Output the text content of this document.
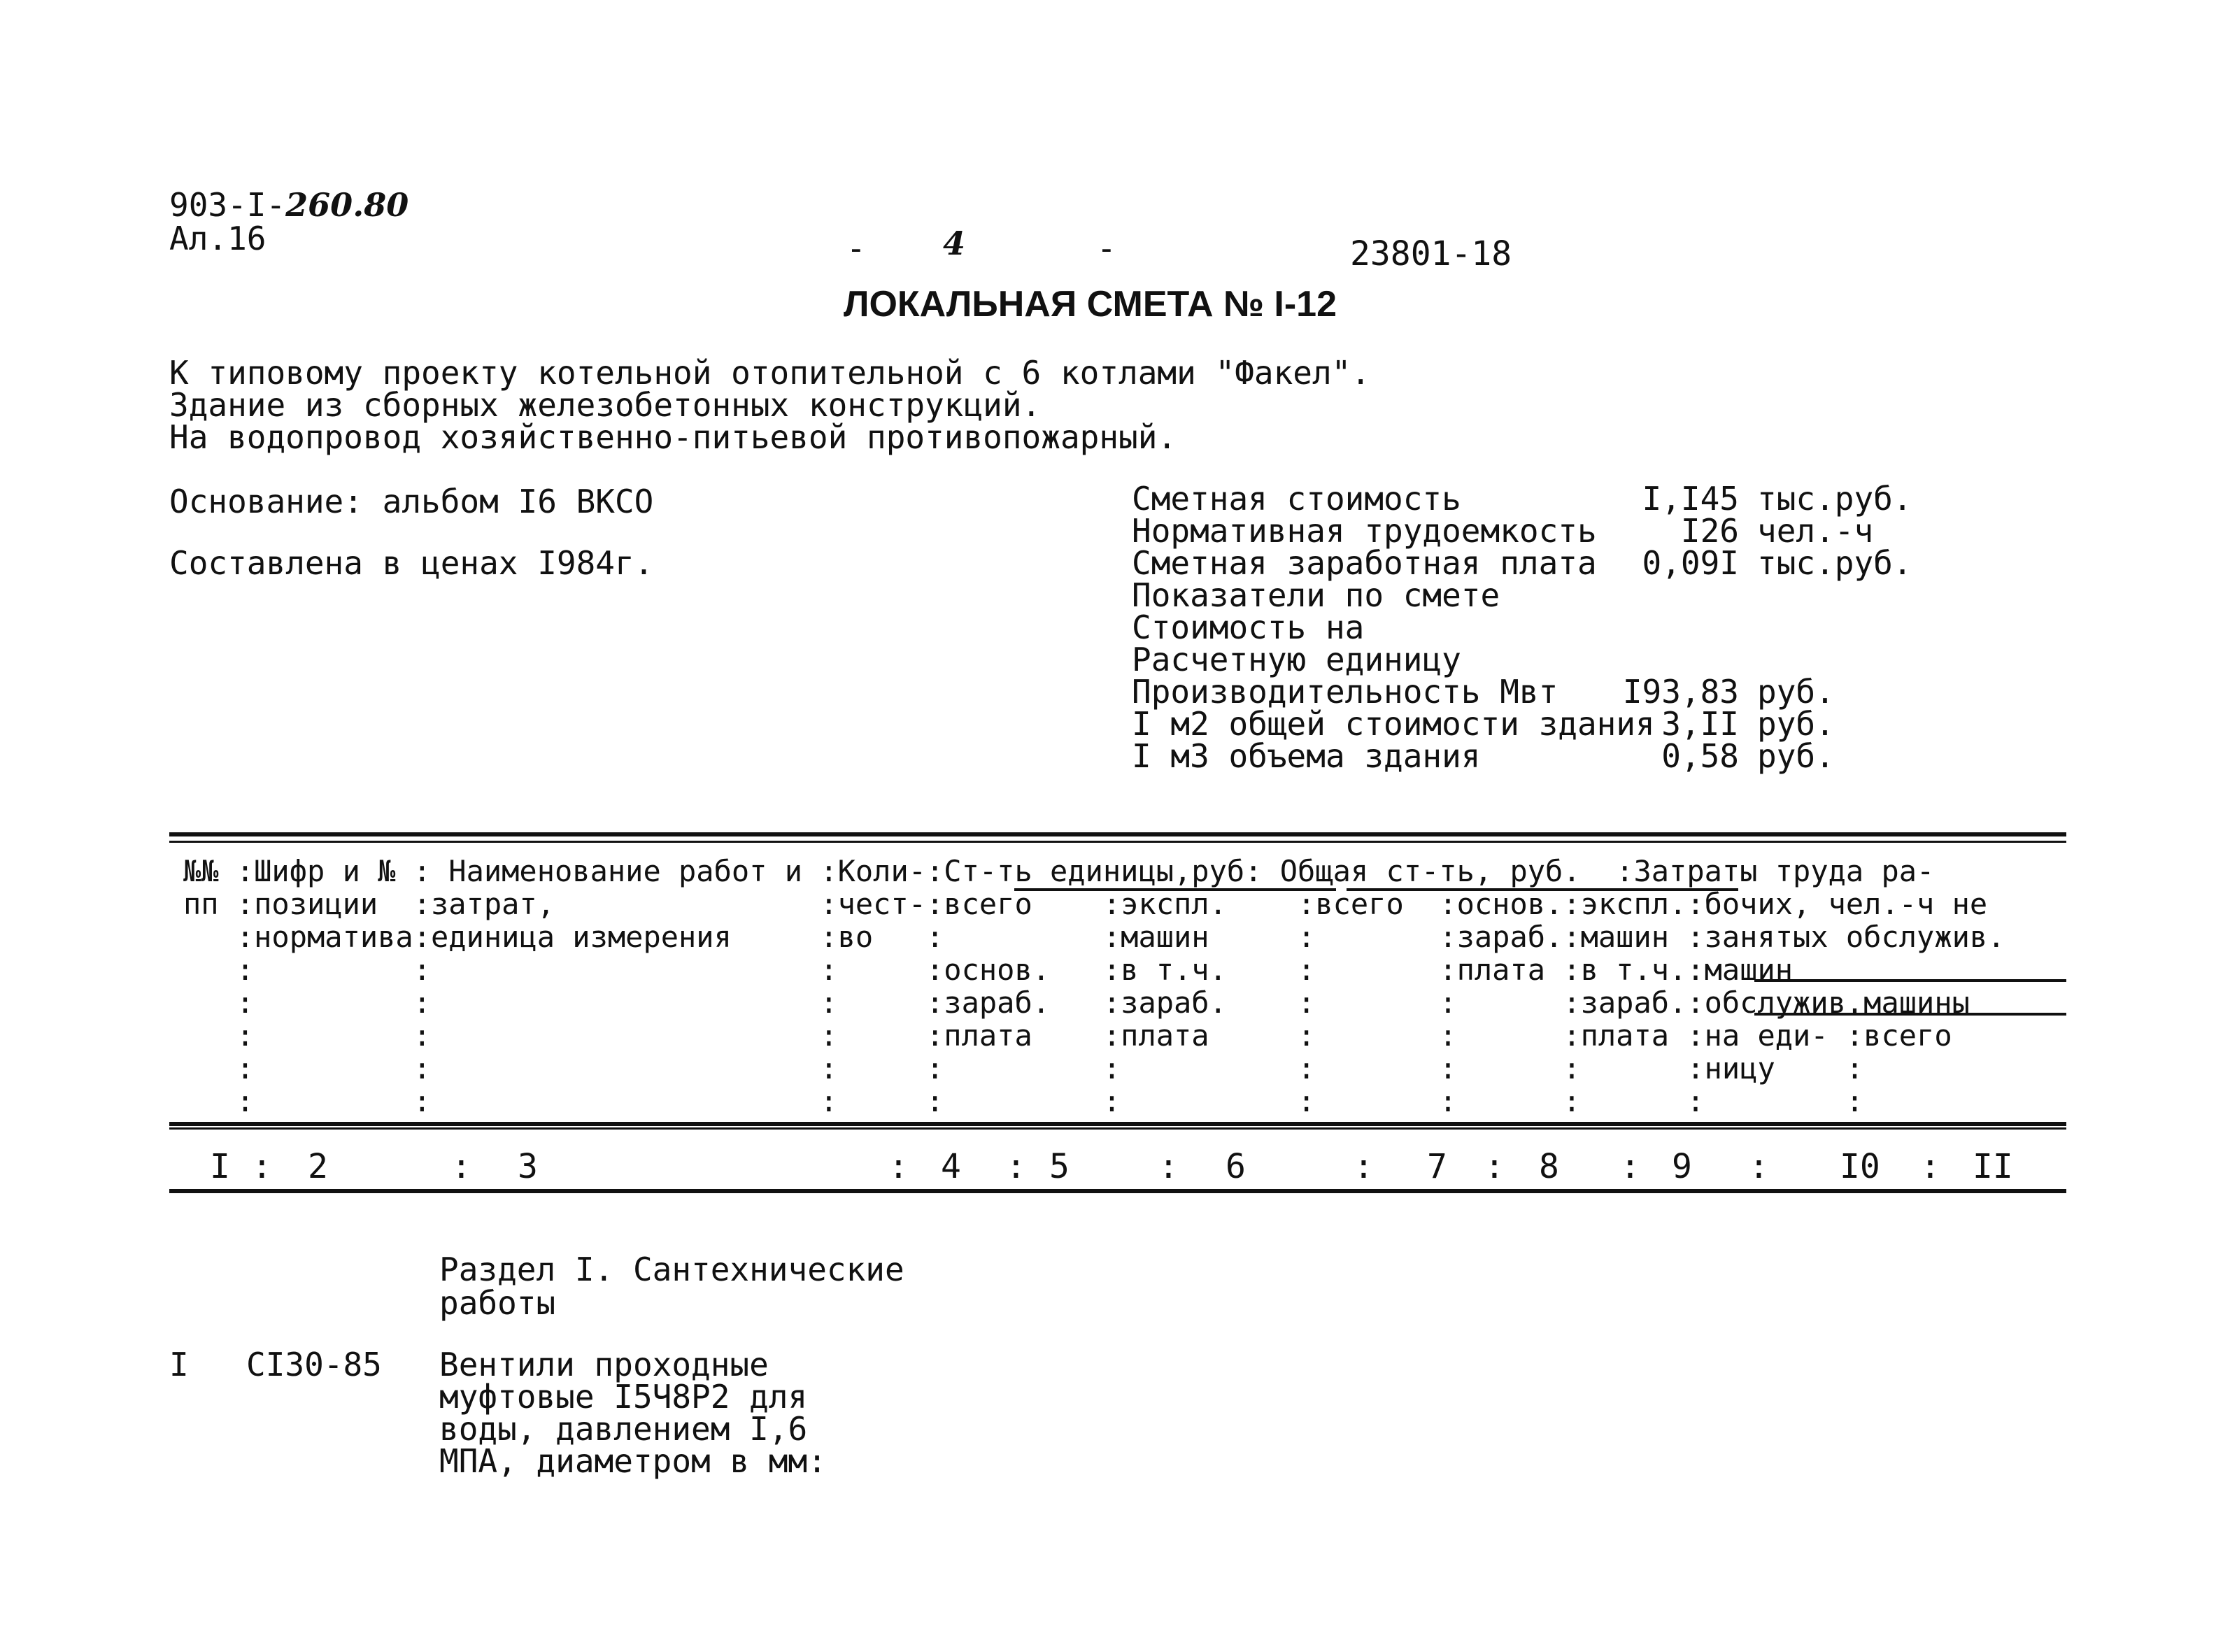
903-I-260.80
Ал.16	- 4	-	23801-18
ЛОКАЛЬНАЯ СМЕТА № I-12
К типовому проекту котельной отопительной с 6 котлами "Факел".
Здание из сборных железобетонных конструкций.
На водопровод хозяйственно-питьевой противопожарный.
Основание: альбом I6 ВКСО
Составлена в ценах I984г.
Сметная стоимость	I,I45 тыс.руб.
Нормативная трудоемкость	I26 чел.-ч
Сметная заработная плата	0,09I тыс.руб.
Показатели по смете
Стоимость на
Расчетную единицу
Производительность Мвт	I93,83 руб.
I м2 общей стоимости здания 3,II руб.
I м3 объема здания	0,58 руб.
№№ :Шифр и № : Наименование работ и :Коли-:Ст-ть единицы,руб: Общая ст-ть, руб.  :Затраты труда ра-
пп :позиции  :затрат,               :чест-:всего    :экспл.    :всего  :основ.:экспл.:бочих, чел.-ч не
:норматива:единица измерения     :во   :         :машин     :       :зараб.:машин :занятых обслужив.
:         :                      :     :основ.   :в т.ч.    :       :плата :в т.ч.:машин
:         :                      :     :зараб.   :зараб.    :       :      :зараб.:обслужив.машины
:         :                      :     :плата    :плата     :       :      :плата :на еди- :всего
:         :                      :     :         :          :       :      :      :ницу    :
:         :                      :     :         :          :       :      :      :        :
I 2	3	4	5	6	7	8	9	I0	II
:	:	:	:	:	:	:	:	:	:
Раздел I. Сантехнические
работы
I СI30-85 Вентили проходные
муфтовые I5Ч8Р2 для
воды, давлением I,6
МПА, диаметром в мм:
